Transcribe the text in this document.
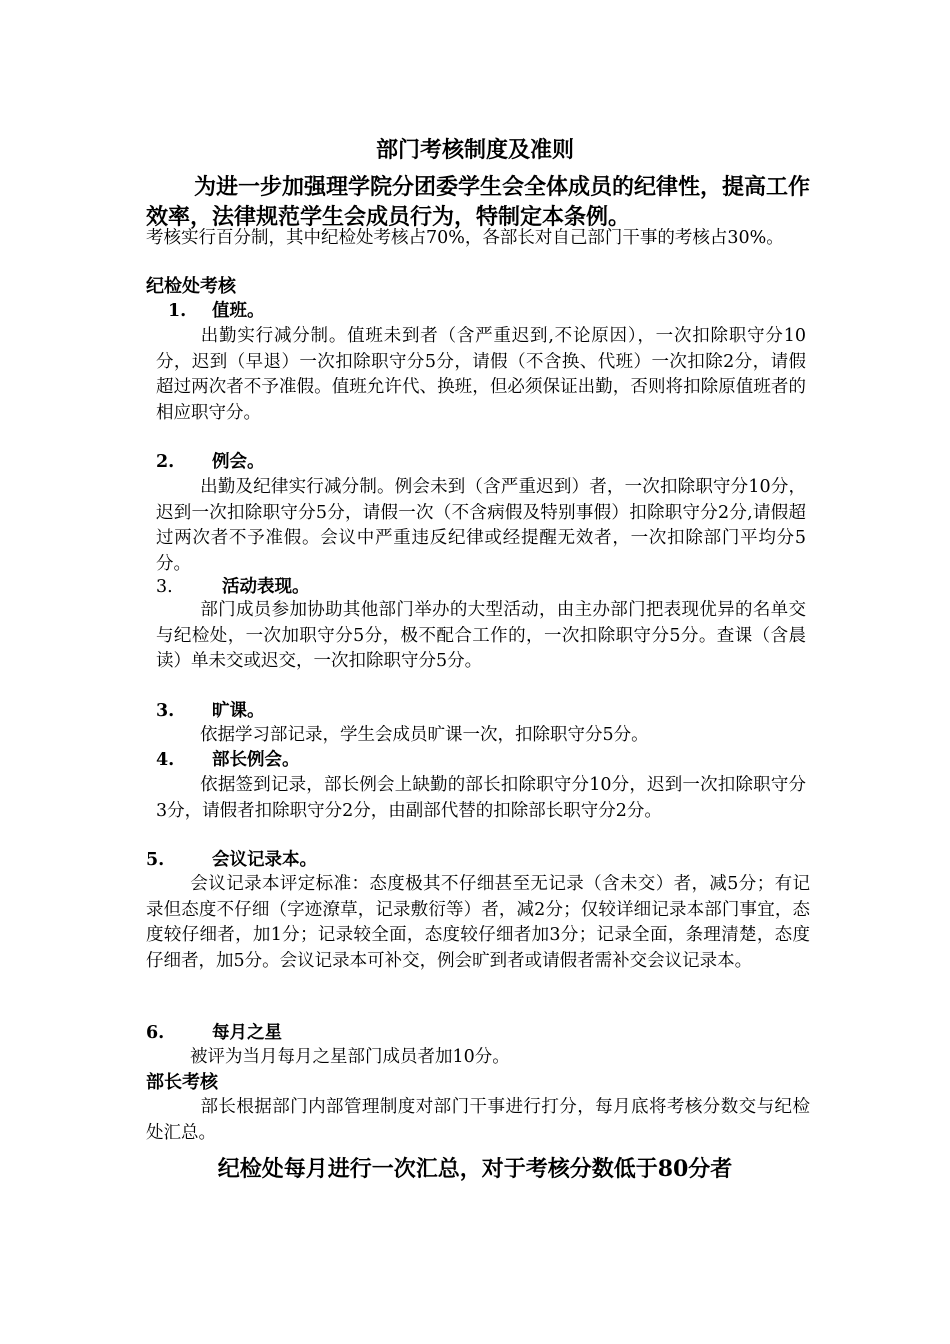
部门考核制度及准则
为进一步加强理学院分团委学生会全体成员的纪律性，提高工作效率，法律规范学生会成员行为，特制定本条例。
考核实行百分制，其中纪检处考核占70%，各部长对自己部门干事的考核占30%。
纪检处考核
1. 值班。
出勤实行减分制。值班未到者（含严重迟到,不论原因），一次扣除职守分10分，迟到（早退）一次扣除职守分5分，请假（不含换、代班）一次扣除2分，请假超过两次者不予准假。值班允许代、换班，但必须保证出勤，否则将扣除原值班者的相应职守分。
2. 例会。
出勤及纪律实行减分制。例会未到（含严重迟到）者，一次扣除职守分10分，迟到一次扣除职守分5分，请假一次（不含病假及特别事假）扣除职守分2分,请假超过两次者不予准假。会议中严重违反纪律或经提醒无效者，一次扣除部门平均分5分。
3.	活动表现。
部门成员参加协助其他部门举办的大型活动，由主办部门把表现优异的名单交与纪检处，一次加职守分5分，极不配合工作的，一次扣除职守分5分。查课（含晨读）单未交或迟交，一次扣除职守分5分。
3. 旷课。
依据学习部记录，学生会成员旷课一次，扣除职守分5分。
4. 部长例会。
依据签到记录，部长例会上缺勤的部长扣除职守分10分，迟到一次扣除职守分3分，请假者扣除职守分2分，由副部代替的扣除部长职守分2分。
5.	会议记录本。
会议记录本评定标准：态度极其不仔细甚至无记录（含未交）者，减5分；有记录但态度不仔细（字迹潦草，记录敷衍等）者，减2分；仅较详细记录本部门事宜，态度较仔细者，加1分；记录较全面，态度较仔细者加3分；记录全面，条理清楚，态度仔细者，加5分。会议记录本可补交，例会旷到者或请假者需补交会议记录本。
6.	每月之星
被评为当月每月之星部门成员者加10分。
部长考核
部长根据部门内部管理制度对部门干事进行打分，每月底将考核分数交与纪检处汇总。
纪检处每月进行一次汇总，对于考核分数低于80分者
